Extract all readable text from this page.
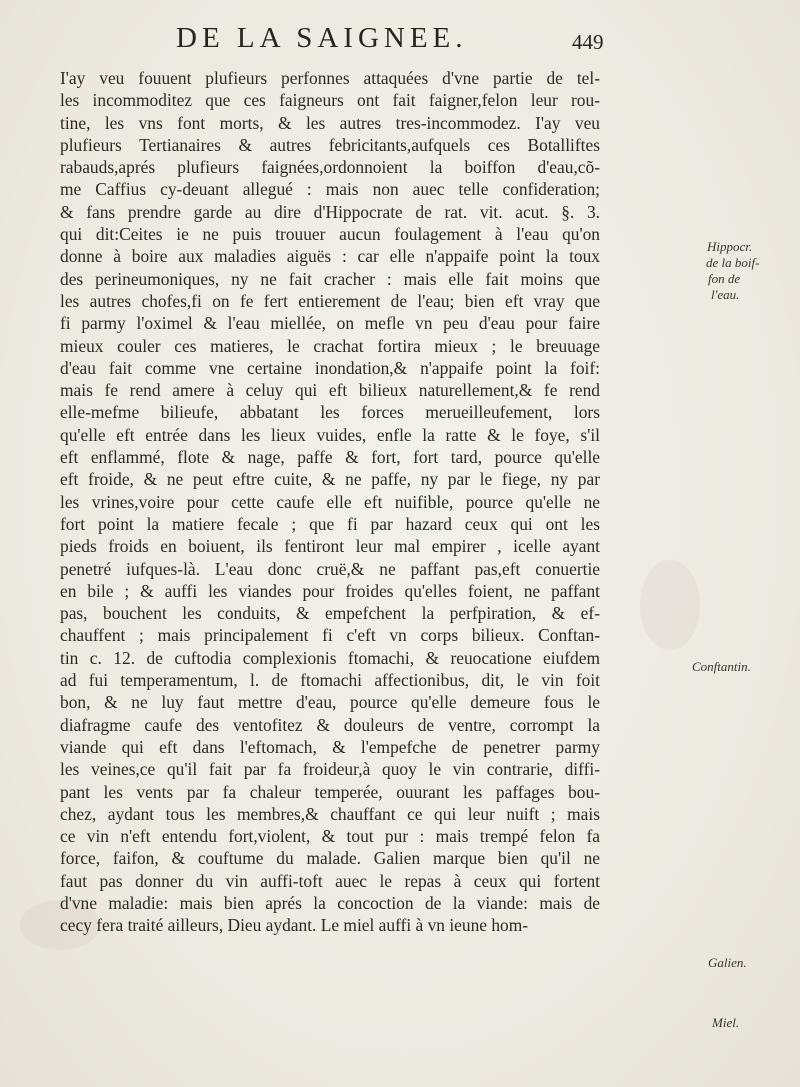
DE LA SAIGNEE.	449
I'ay veu fouuent plufieurs perfonnes attaquées d'vne partie de tel-
les incommoditez que ces faigneurs ont fait faigner,felon leur rou-
tine, les vns font morts, & les autres tres-incommodez. I'ay veu
plufieurs Tertianaires & autres febricitants,aufquels ces Botalliftes
rabauds,aprés plufieurs faignées,ordonnoient la boiffon d'eau,cõ-
me Caffius cy-deuant allegué : mais non auec telle confideration;
& fans prendre garde au dire d'Hippocrate de rat. vit. acut. §. 3.
qui dit:Ceites ie ne puis trouuer aucun foulagement à l'eau qu'on
donne à boire aux maladies aiguës : car elle n'appaife point la toux
des perineumoniques, ny ne fait cracher : mais elle fait moins que
les autres chofes,fi on fe fert entierement de l'eau; bien eft vray que
fi parmy l'oximel & l'eau miellée, on mefle vn peu d'eau pour faire
mieux couler ces matieres, le crachat fortira mieux ; le breuuage
d'eau fait comme vne certaine inondation,& n'appaife point la foif:
mais fe rend amere à celuy qui eft bilieux naturellement,& fe rend
elle-mefme bilieufe, abbatant les forces merueilleufement, lors
qu'elle eft entrée dans les lieux vuides, enfle la ratte & le foye, s'il
eft enflammé, flote & nage, paffe & fort, fort tard, pource qu'elle
eft froide, & ne peut eftre cuite, & ne paffe, ny par le fiege, ny par
les vrines,voire pour cette caufe elle eft nuifible, pource qu'elle ne
fort point la matiere fecale ; que fi par hazard ceux qui ont les
pieds froids en boiuent, ils fentiront leur mal empirer , icelle ayant
penetré iufques-là. L'eau donc cruë,& ne paffant pas,eft conuertie
en bile ; & auffi les viandes pour froides qu'elles foient, ne paffant
pas, bouchent les conduits, & empefchent la perfpiration, & ef-
chauffent ; mais principalement fi c'eft vn corps bilieux. Conftan-
tin c. 12. de cuftodia complexionis ftomachi, & reuocatione eiufdem
ad fui temperamentum, l. de ftomachi affectionibus, dit, le vin foit
bon, & ne luy faut mettre d'eau, pource qu'elle demeure fous le
diafragme caufe des ventofitez & douleurs de ventre, corrompt la
viande qui eft dans l'eftomach, & l'empefche de penetrer parmy
les veines,ce qu'il fait par fa froideur,à quoy le vin contrarie, diffi-
pant les vents par fa chaleur temperée, ouurant les paffages bou-
chez, aydant tous les membres,& chauffant ce qui leur nuift ; mais
ce vin n'eft entendu fort,violent, & tout pur : mais trempé felon fa
force, faifon, & couftume du malade. Galien marque bien qu'il ne
faut pas donner du vin auffi-toft auec le repas à ceux qui fortent
d'vne maladie: mais bien aprés la concoction de la viande: mais de
cecy fera traité ailleurs, Dieu aydant. Le miel auffi à vn ieune hom-
Hippocr.
de la boif-
fon de
l'eau.
Conftantin.
Galien.
Miel.
